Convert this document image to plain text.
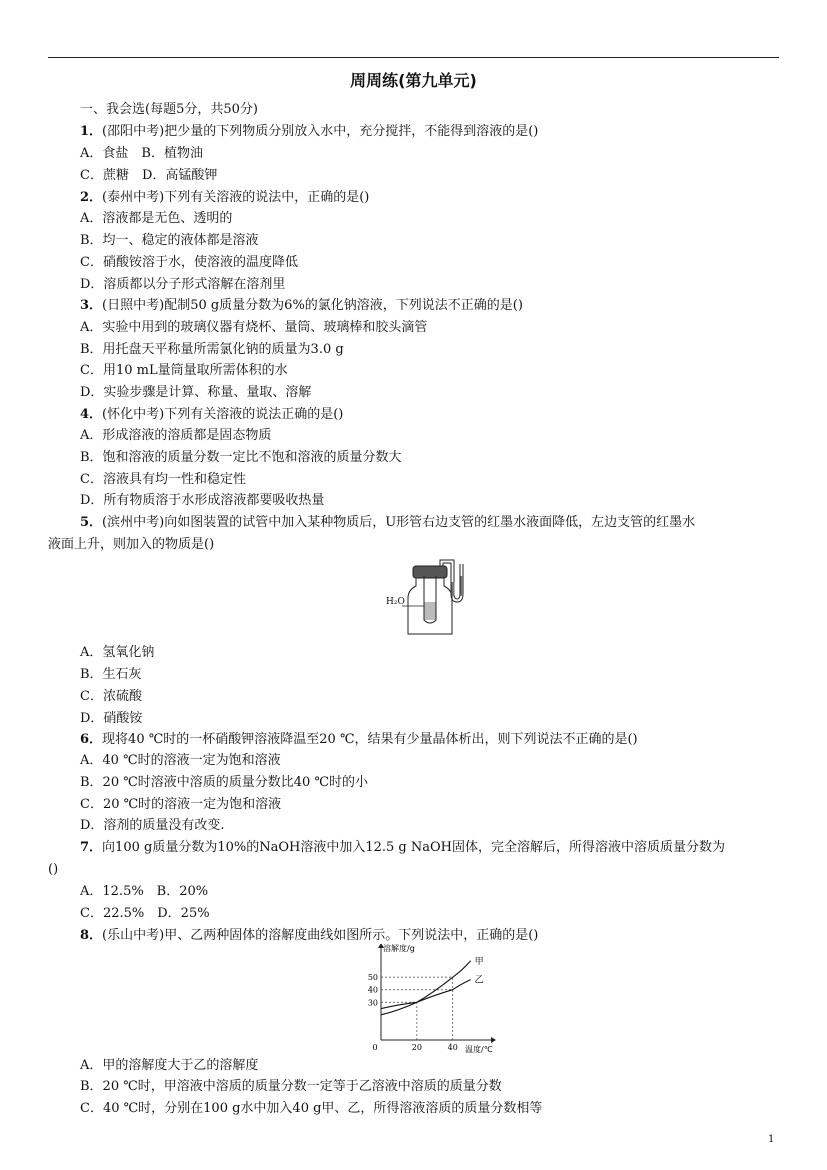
周周练(第九单元)
一、我会选(每题5分，共50分)
1．(邵阳中考)把少量的下列物质分别放入水中，充分搅拌，不能得到溶液的是()
A．食盐　B．植物油
C．蔗糖　D．高锰酸钾
2．(泰州中考)下列有关溶液的说法中，正确的是()
A．溶液都是无色、透明的
B．均一、稳定的液体都是溶液
C．硝酸铵溶于水，使溶液的温度降低
D．溶质都以分子形式溶解在溶剂里
3．(日照中考)配制50 g质量分数为6%的氯化钠溶液，下列说法不正确的是()
A．实验中用到的玻璃仪器有烧杯、量筒、玻璃棒和胶头滴管
B．用托盘天平称量所需氯化钠的质量为3.0 g
C．用10 mL量筒量取所需体积的水
D．实验步骤是计算、称量、量取、溶解
4．(怀化中考)下列有关溶液的说法正确的是()
A．形成溶液的溶质都是固态物质
B．饱和溶液的质量分数一定比不饱和溶液的质量分数大
C．溶液具有均一性和稳定性
D．所有物质溶于水形成溶液都要吸收热量
5．(滨州中考)向如图装置的试管中加入某种物质后，U形管右边支管的红墨水液面降低，左边支管的红墨水
液面上升，则加入的物质是()
H₂O
A．氢氧化钠
B．生石灰
C．浓硫酸
D．硝酸铵
6．现将40 ℃时的一杯硝酸钾溶液降温至20 ℃，结果有少量晶体析出，则下列说法不正确的是()
A．40 ℃时的溶液一定为饱和溶液
B．20 ℃时溶液中溶质的质量分数比40 ℃时的小
C．20 ℃时的溶液一定为饱和溶液
D．溶剂的质量没有改变.
7．向100 g质量分数为10%的NaOH溶液中加入12.5 g NaOH固体，完全溶解后，所得溶液中溶质质量分数为
()
A．12.5%　B．20%
C．22.5%　D．25%
8．(乐山中考)甲、乙两种固体的溶解度曲线如图所示。下列说法中，正确的是()
30
40
50
0	20	40
甲
乙
溶解度/g
温度/℃
A．甲的溶解度大于乙的溶解度
B．20 ℃时，甲溶液中溶质的质量分数一定等于乙溶液中溶质的质量分数
C．40 ℃时，分别在100 g水中加入40 g甲、乙，所得溶液溶质的质量分数相等
1
